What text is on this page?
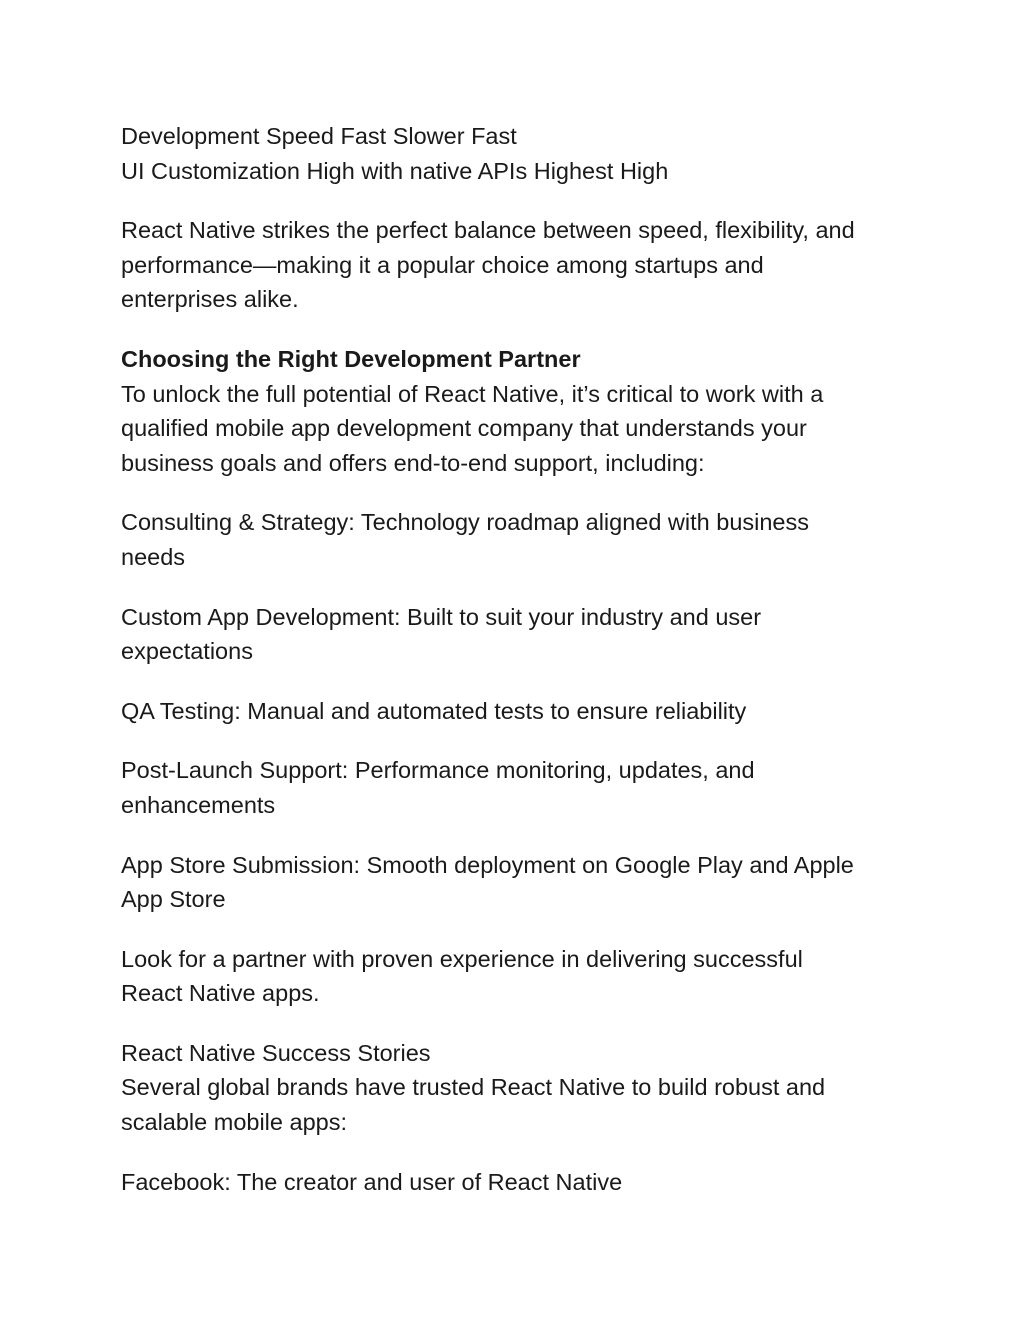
Development Speed Fast Slower Fast

UI Customization High with native APIs Highest High

React Native strikes the perfect balance between speed, flexibility, and

performance—making it a popular choice among startups and

enterprises alike.

Choosing the Right Development Partner

To unlock the full potential of React Native, it’s critical to work with a

qualified mobile app development company that understands your

business goals and offers end-to-end support, including:

Consulting & Strategy: Technology roadmap aligned with business

needs

Custom App Development: Built to suit your industry and user

expectations

QA Testing: Manual and automated tests to ensure reliability

Post-Launch Support: Performance monitoring, updates, and

enhancements

App Store Submission: Smooth deployment on Google Play and Apple

App Store

Look for a partner with proven experience in delivering successful

React Native apps.

React Native Success Stories

Several global brands have trusted React Native to build robust and

scalable mobile apps:

Facebook: The creator and user of React Native
